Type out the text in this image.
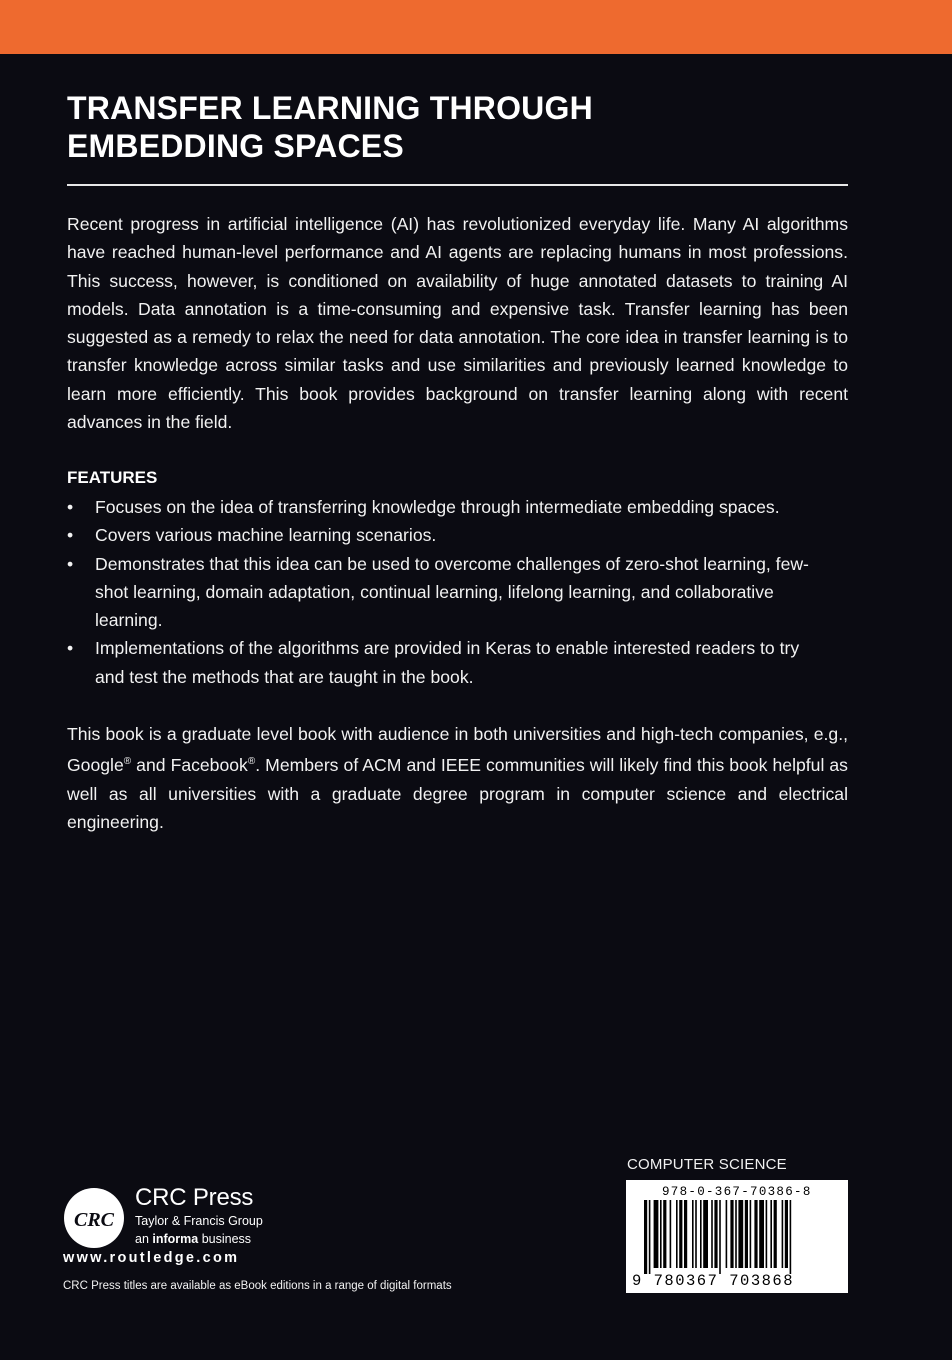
TRANSFER LEARNING THROUGH
EMBEDDING SPACES

Recent progress in artificial intelligence (AI) has revolutionized everyday life. Many AI algorithms have reached human-level performance and AI agents are replacing humans in most professions. This success, however, is conditioned on availability of huge annotated datasets to training AI models. Data annotation is a time-consuming and expensive task. Transfer learning has been suggested as a remedy to relax the need for data annotation. The core idea in transfer learning is to transfer knowledge across similar tasks and use similarities and previously learned knowledge to learn more efficiently. This book provides background on transfer learning along with recent advances in the field.

FEATURES
•	Focuses on the idea of transferring knowledge through intermediate embedding spaces.
•	Covers various machine learning scenarios.
•	Demonstrates that this idea can be used to overcome challenges of zero-shot learning, few-shot learning, domain adaptation, continual learning, lifelong learning, and collaborative learning.
•	Implementations of the algorithms are provided in Keras to enable interested readers to try and test the methods that are taught in the book.

This book is a graduate level book with audience in both universities and high-tech companies, e.g., Google® and Facebook®. Members of ACM and IEEE communities will likely find this book helpful as well as all universities with a graduate degree program in computer science and electrical engineering.

CRC
CRC Press
Taylor & Francis Group
an informa business
www.routledge.com
CRC Press titles are available as eBook editions in a range of digital formats
COMPUTER SCIENCE
978-0-367-70386-8
9 780367 703868
